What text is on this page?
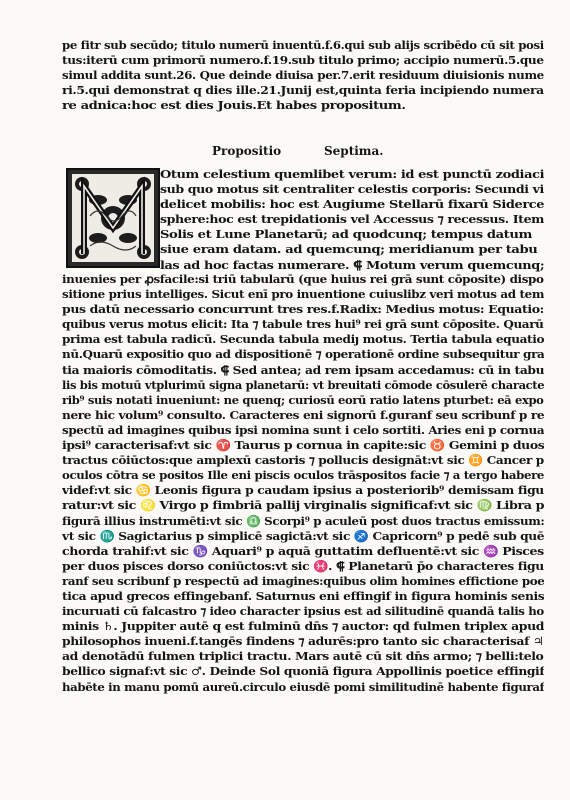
pe fitr sub secūdo; titulo numerū inuentū.f.6.qui sub alijs scribēdo cū sit posi
tus:iterū cum primorū numero.f.19.sub titulo primo; accipio numerū.5.que
simul addita sunt.26. Que deinde diuisa per.7.erit residuum diuisionis nume
ri.5.qui demonstrat q dies ille.21.Junij est,quinta feria incipiendo numera
re adnica:hoc est dies Jouis.Et habes propositum.
Propositio	Septima.
Otum celestium quemlibet verum: id est punctū zodiaci
sub quo motus sit centraliter celestis corporis: Secundi vi
delicet mobilis: hoc est Augiume Stellarū fixarū Siderce
sphere:hoc est trepidationis vel Accessus ⁊ recessus. Item
Solis et Lune Planetarū; ad quodcunq; tempus datum
siue eram datam. ad quemcunq; meridianum per tabu
las ad hoc factas numerare. ⸿ Motum verum quemcunq;
inuenies per ꝓsfacile:si triū tabularū (que huius rei grā sunt cōposite) dispo
sitione prius intelliges. Sicut enī pro inuentione cuiuslibz veri motus ad tem
pus datū necessario concurrunt tres res.f.Radix: Medius motus: Equatio:
quibus verus motus elicit: Ita ⁊ tabule tres hui⁹ rei grā sunt cōposite. Quarū
prima est tabula radicū. Secunda tabula mediȷ motus. Tertia tabula equatio
nū.Quarū expositio quo ad dispositionē ⁊ operationē ordine subsequitur gra
tia maioris cōmoditatis. ⸿ Sed antea; ad rem ipsam accedamus: cū in tabu
lis bis motuū vtplurimū signa planetarū: vt breuitati cōmode cōsulerē characte
rib⁹ suis notati inueniunt: ne quenq; curiosū eorū ratio latens pturbet: eā expo
nere hic volum⁹ consulto. Caracteres eni signorū f.guranf seu scribunf p re
spectū ad imagines quibus ipsi nomina sunt i celo sortiti. Aries eni p cornua
ipsi⁹ caracterisaf:vt sic ♈ Taurus p cornua in capite:sic ♉ Gemini p duos
tractus cōiūctos:que amplexū castoris ⁊ pollucis designāt:vt sic ♊ Cancer p
oculos cōtra se positos Ille eni piscis oculos trāspositos facie ⁊ a tergo habere
videf:vt sic ♋ Leonis figura p caudam ipsius a posteriorib⁹ demissam figu
ratur:vt sic ♌ Virgo p fimbriā pallij virginalis significaf:vt sic ♍ Libra p
figurā illius instrumēti:vt sic ♎ Scorpi⁹ p aculeū post duos tractus emissum:
vt sic ♏ Sagictarius p simplicē sagictā:vt sic ♐ Capricorn⁹ p pedē sub quē
chorda trahif:vt sic ♑ Aquari⁹ p aquā guttatim defluentē:vt sic ♒ Pisces
per duos pisces dorso coniūctos:vt sic ♓. ⸿ Planetarū p̄o characteres figu
ranf seu scribunf p respectū ad imagines:quibus olim homines effictione poe
tica apud grecos effingebanf. Saturnus eni effingif in figura hominis senis
incuruati cū falcastro ⁊ ideo character ipsius est ad silitudinē quandā talis ho
minis ♄. Juppiter autē q est fulminū dn̄s ⁊ auctor: qd fulmen triplex apud
philosophos inueni.f.tangēs findens ⁊ adurēs:pro tanto sic characterisaf ♃
ad denotādū fulmen triplici tractu. Mars autē cū sit dn̄s armo; ⁊ belli:telo
bellico signaf:vt sic ♂. Deinde Sol quoniā figura Appollinis poetice effingif
habēte in manu pomū aureū.circulo eiusdē pomi similitudinē habente figuraf
